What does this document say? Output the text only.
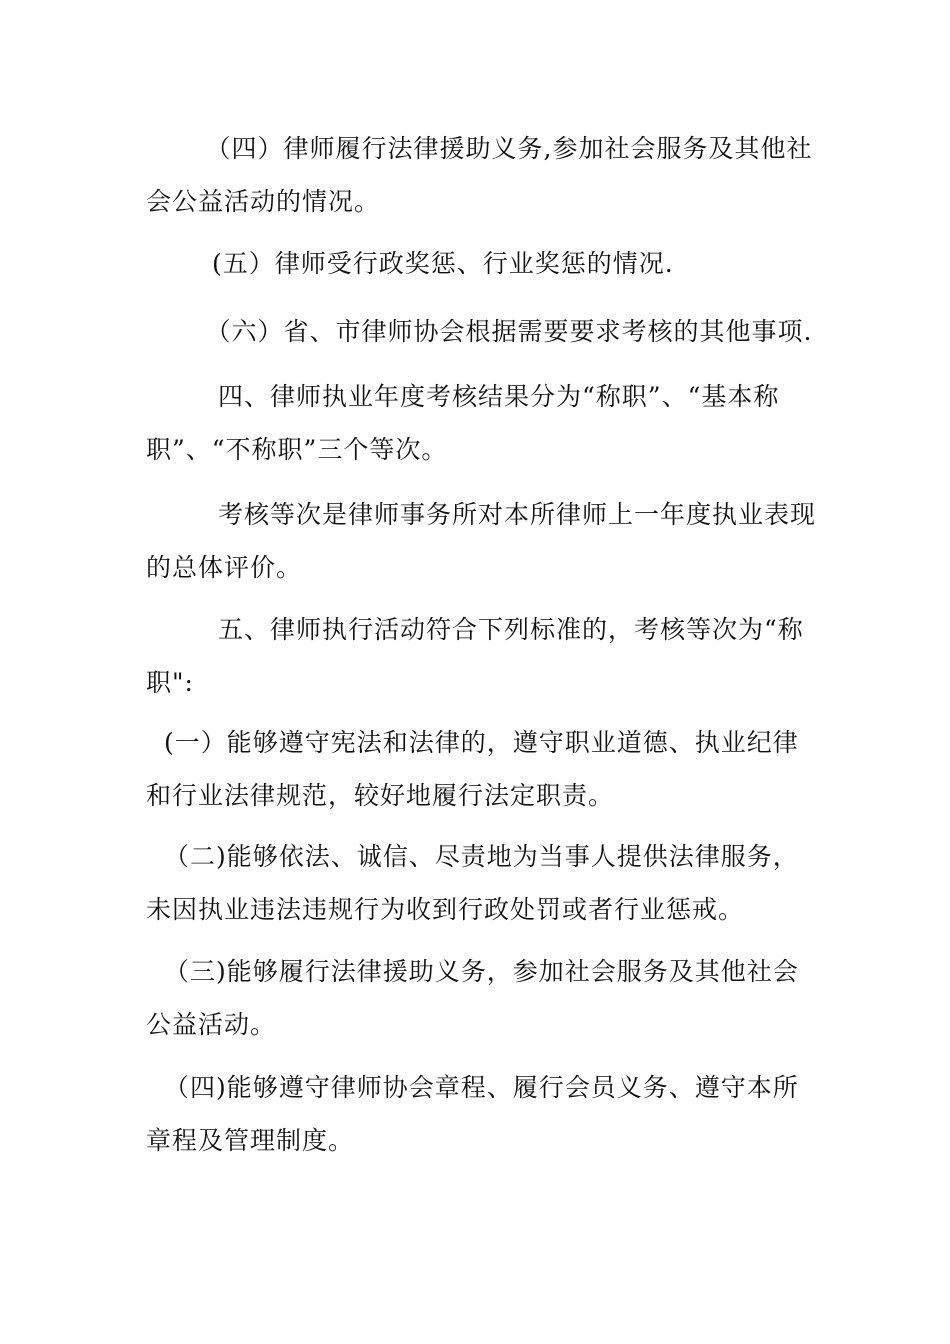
　（四）律师履行法律援助义务,参加社会服务及其他社
会公益活动的情况。

　(五）律师受行政奖惩、行业奖惩的情况.

　（六）省、市律师协会根据需要要求考核的其他事项.

　四、律师执业年度考核结果分为“称职”、“基本称
职”、“不称职”三个等次。

　考核等次是律师事务所对本所律师上一年度执业表现
的总体评价。

　五、律师执行活动符合下列标准的，考核等次为“称
职":

(一）能够遵守宪法和法律的，遵守职业道德、执业纪律
和行业法律规范，较好地履行法定职责。

（二)能够依法、诚信、尽责地为当事人提供法律服务，
未因执业违法违规行为收到行政处罚或者行业惩戒。

（三)能够履行法律援助义务，参加社会服务及其他社会
公益活动。

（四)能够遵守律师协会章程、履行会员义务、遵守本所
章程及管理制度。
